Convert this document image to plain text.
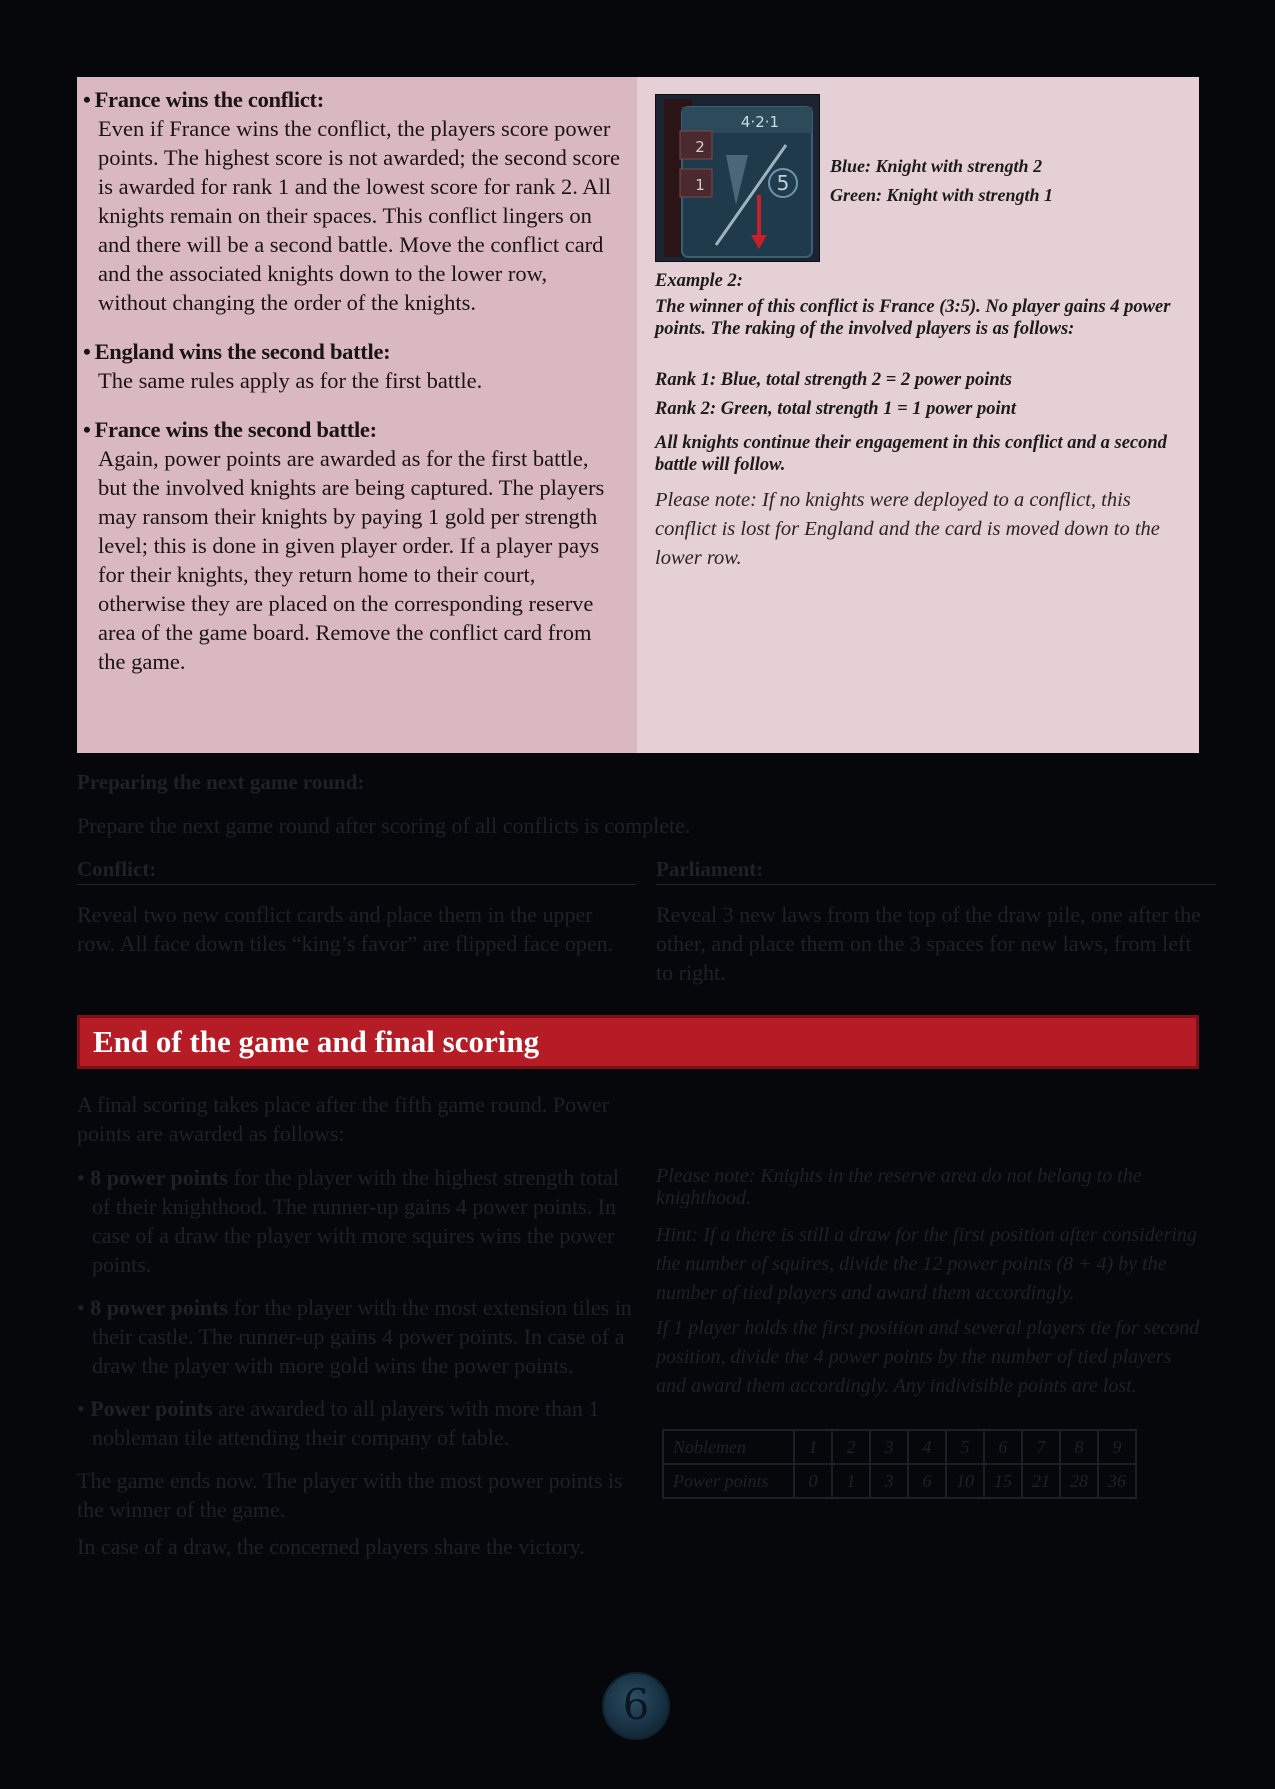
• France wins the conflict:
Even if France wins the conflict, the players score power points. The highest score is not awarded; the second score is awarded for rank 1 and the lowest score for rank 2. All knights remain on their spaces. This conflict lingers on and there will be a second battle. Move the conflict card and the associated knights down to the lower row, without changing the order of the knights.
• England wins the second battle:
The same rules apply as for the first battle.
• France wins the second battle:
Again, power points are awarded as for the first battle, but the involved knights are being captured. The players may ransom their knights by paying 1 gold per strength level; this is done in given player order. If a player pays for their knights, they return home to their court, otherwise they are placed on the corresponding reserve area of the game board. Remove the conflict card from the game.
4·2·1
2
1	5
Blue: Knight with strength 2
Green: Knight with strength 1
Example 2:
The winner of this conflict is France (3:5). No player gains 4 power points. The raking of the involved players is as follows:
Rank 1: Blue, total strength 2 = 2 power points
Rank 2: Green, total strength 1 = 1 power point
All knights continue their engagement in this conflict and a second battle will follow.
Please note: If no knights were deployed to a conflict, this conflict is lost for England and the card is moved down to the lower row.
Preparing the next game round:
Prepare the next game round after scoring of all conflicts is complete.
Conflict:	Parliament:
Reveal two new conflict cards and place them in the upper row. All face down tiles “king’s favor” are flipped face open.
Reveal 3 new laws from the top of the draw pile, one after the other, and place them on the 3 spaces for new laws, from left to right.
End of the game and final scoring
A final scoring takes place after the fifth game round. Power points are awarded as follows:
• 8 power points for the player with the highest strength total of their knighthood. The runner-up gains 4 power points. In case of a draw the player with more squires wins the power points.
• 8 power points for the player with the most extension tiles in their castle. The runner-up gains 4 power points. In case of a draw the player with more gold wins the power points.
• Power points are awarded to all players with more than 1 nobleman tile attending their company of table.

The game ends now. The player with the most power points is the winner of the game.

In case of a draw, the concerned players share the victory.

Please note: Knights in the reserve area do not belong to the knighthood.

Hint: If a there is still a draw for the first position after considering the number of squires, divide the 12 power points (8 + 4) by the number of tied players and award them accordingly.

If 1 player holds the first position and several players tie for second position, divide the 4 power points by the number of tied players and award them accordingly. Any indivisible points are lost.

Noblemen	1	2	3	4	5	6	7	8	9
Power points	0	1	3	6	10	15	21	28	36
6
